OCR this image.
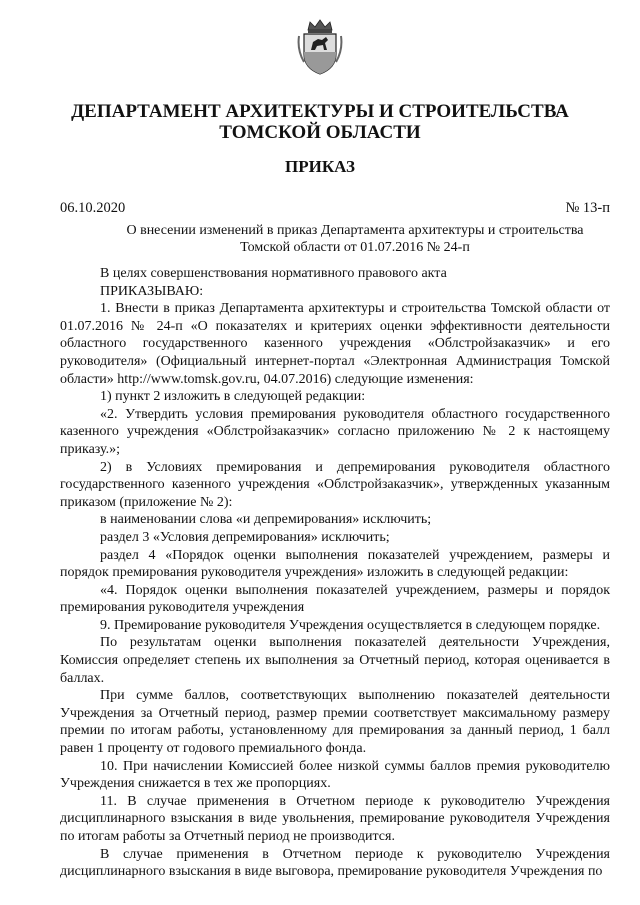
ДЕПАРТАМЕНТ АРХИТЕКТУРЫ И СТРОИТЕЛЬСТВА
ТОМСКОЙ ОБЛАСТИ
ПРИКАЗ
06.10.2020	№ 13-п
О внесении изменений в приказ Департамента архитектуры и строительства
Томской области от 01.07.2016 № 24-п

В целях совершенствования нормативного правового акта

ПРИКАЗЫВАЮ:

1. Внести в приказ Департамента архитектуры и строительства Томской области от 01.07.2016 № 24-п «О показателях и критериях оценки эффективности деятельности областного государственного казенного учреждения «Облстройзаказчик» и его руководителя» (Официальный интернет-портал «Электронная Администрация Томской области» http://www.tomsk.gov.ru, 04.07.2016) следующие изменения:

1) пункт 2 изложить в следующей редакции:

«2. Утвердить условия премирования руководителя областного государственного казенного учреждения «Облстройзаказчик» согласно приложению № 2 к настоящему приказу.»;

2) в Условиях премирования и депремирования руководителя областного государственного казенного учреждения «Облстройзаказчик», утвержденных указанным приказом (приложение № 2):

в наименовании слова «и депремирования» исключить;

раздел 3 «Условия депремирования» исключить;

раздел 4 «Порядок оценки выполнения показателей учреждением, размеры и порядок премирования руководителя учреждения» изложить в следующей редакции:

«4. Порядок оценки выполнения показателей учреждением, размеры и порядок премирования руководителя учреждения

9. Премирование руководителя Учреждения осуществляется в следующем порядке.

По результатам оценки выполнения показателей деятельности Учреждения, Комиссия определяет степень их выполнения за Отчетный период, которая оценивается в баллах.

При сумме баллов, соответствующих выполнению показателей деятельности Учреждения за Отчетный период, размер премии соответствует максимальному размеру премии по итогам работы, установленному для премирования за данный период, 1 балл равен 1 проценту от годового премиального фонда.

10. При начислении Комиссией более низкой суммы баллов премия руководителю Учреждения снижается в тех же пропорциях.

11. В случае применения в Отчетном периоде к руководителю Учреждения дисциплинарного взыскания в виде увольнения, премирование руководителя Учреждения по итогам работы за Отчетный период не производится.

В случае применения в Отчетном периоде к руководителю Учреждения дисциплинарного взыскания в виде выговора, премирование руководителя Учреждения по
